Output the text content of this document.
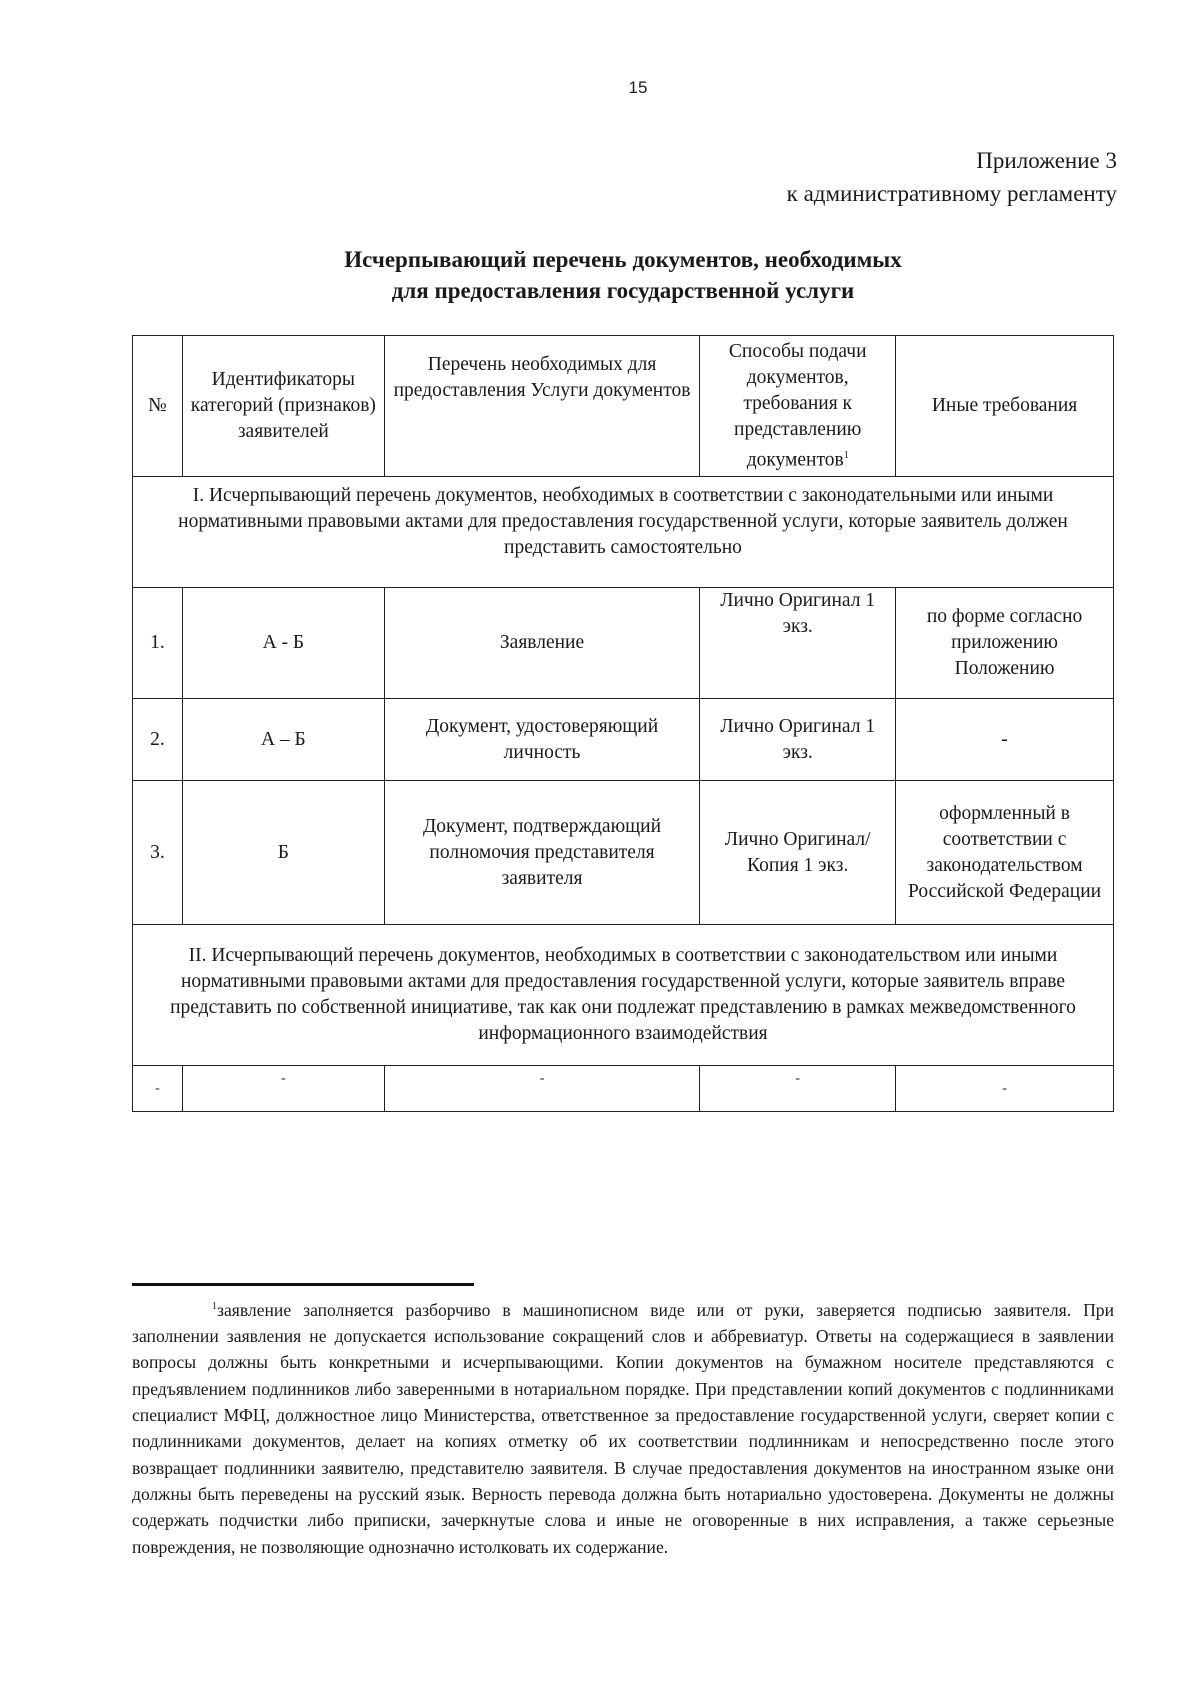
15
Приложение 3
к административному регламенту
Исчерпывающий перечень документов, необходимых
для предоставления государственной услуги
№	Идентификаторы категорий (признаков) заявителей	Перечень необходимых для предоставления Услуги документов	Способы подачи документов, требования к представлению документов$^1$	Иные требования
I. Исчерпывающий перечень документов, необходимых в соответствии с законодательными или иными нормативными правовыми актами для предоставления государственной услуги, которые заявитель должен представить самостоятельно				
1.	А - Б	Заявление	Лично Оригинал 1 экз.	по форме согласно приложению Положению
2.	А – Б	Документ, удостоверяющий личность	Лично Оригинал 1 экз.	-
3.	Б	Документ, подтверждающий полномочия представителя заявителя	Лично Оригинал/Копия 1 экз.	оформленный в соответствии с законодательством Российской Федерации
II. Исчерпывающий перечень документов, необходимых в соответствии с законодательством или иными нормативными правовыми актами для предоставления государственной услуги, которые заявитель вправе представить по собственной инициативе, так как они подлежат представлению в рамках межведомственного информационного взаимодействия				
-	-	-	-	-
$^1$заявление заполняется разборчиво в машинописном виде или от руки, заверяется подписью заявителя. При заполнении заявления не допускается использование сокращений слов и аббревиатур. Ответы на содержащиеся в заявлении вопросы должны быть конкретными и исчерпывающими. Копии документов на бумажном носителе представляются с предъявлением подлинников либо заверенными в нотариальном порядке. При представлении копий документов с подлинниками специалист МФЦ, должностное лицо Министерства, ответственное за предоставление государственной услуги, сверяет копии с подлинниками документов, делает на копиях отметку об их соответствии подлинникам и непосредственно после этого возвращает подлинники заявителю, представителю заявителя. В случае предоставления документов на иностранном языке они должны быть переведены на русский язык. Верность перевода должна быть нотариально удостоверена. Документы не должны содержать подчистки либо приписки, зачеркнутые слова и иные не оговоренные в них исправления, а также серьезные повреждения, не позволяющие однозначно истолковать их содержание.
